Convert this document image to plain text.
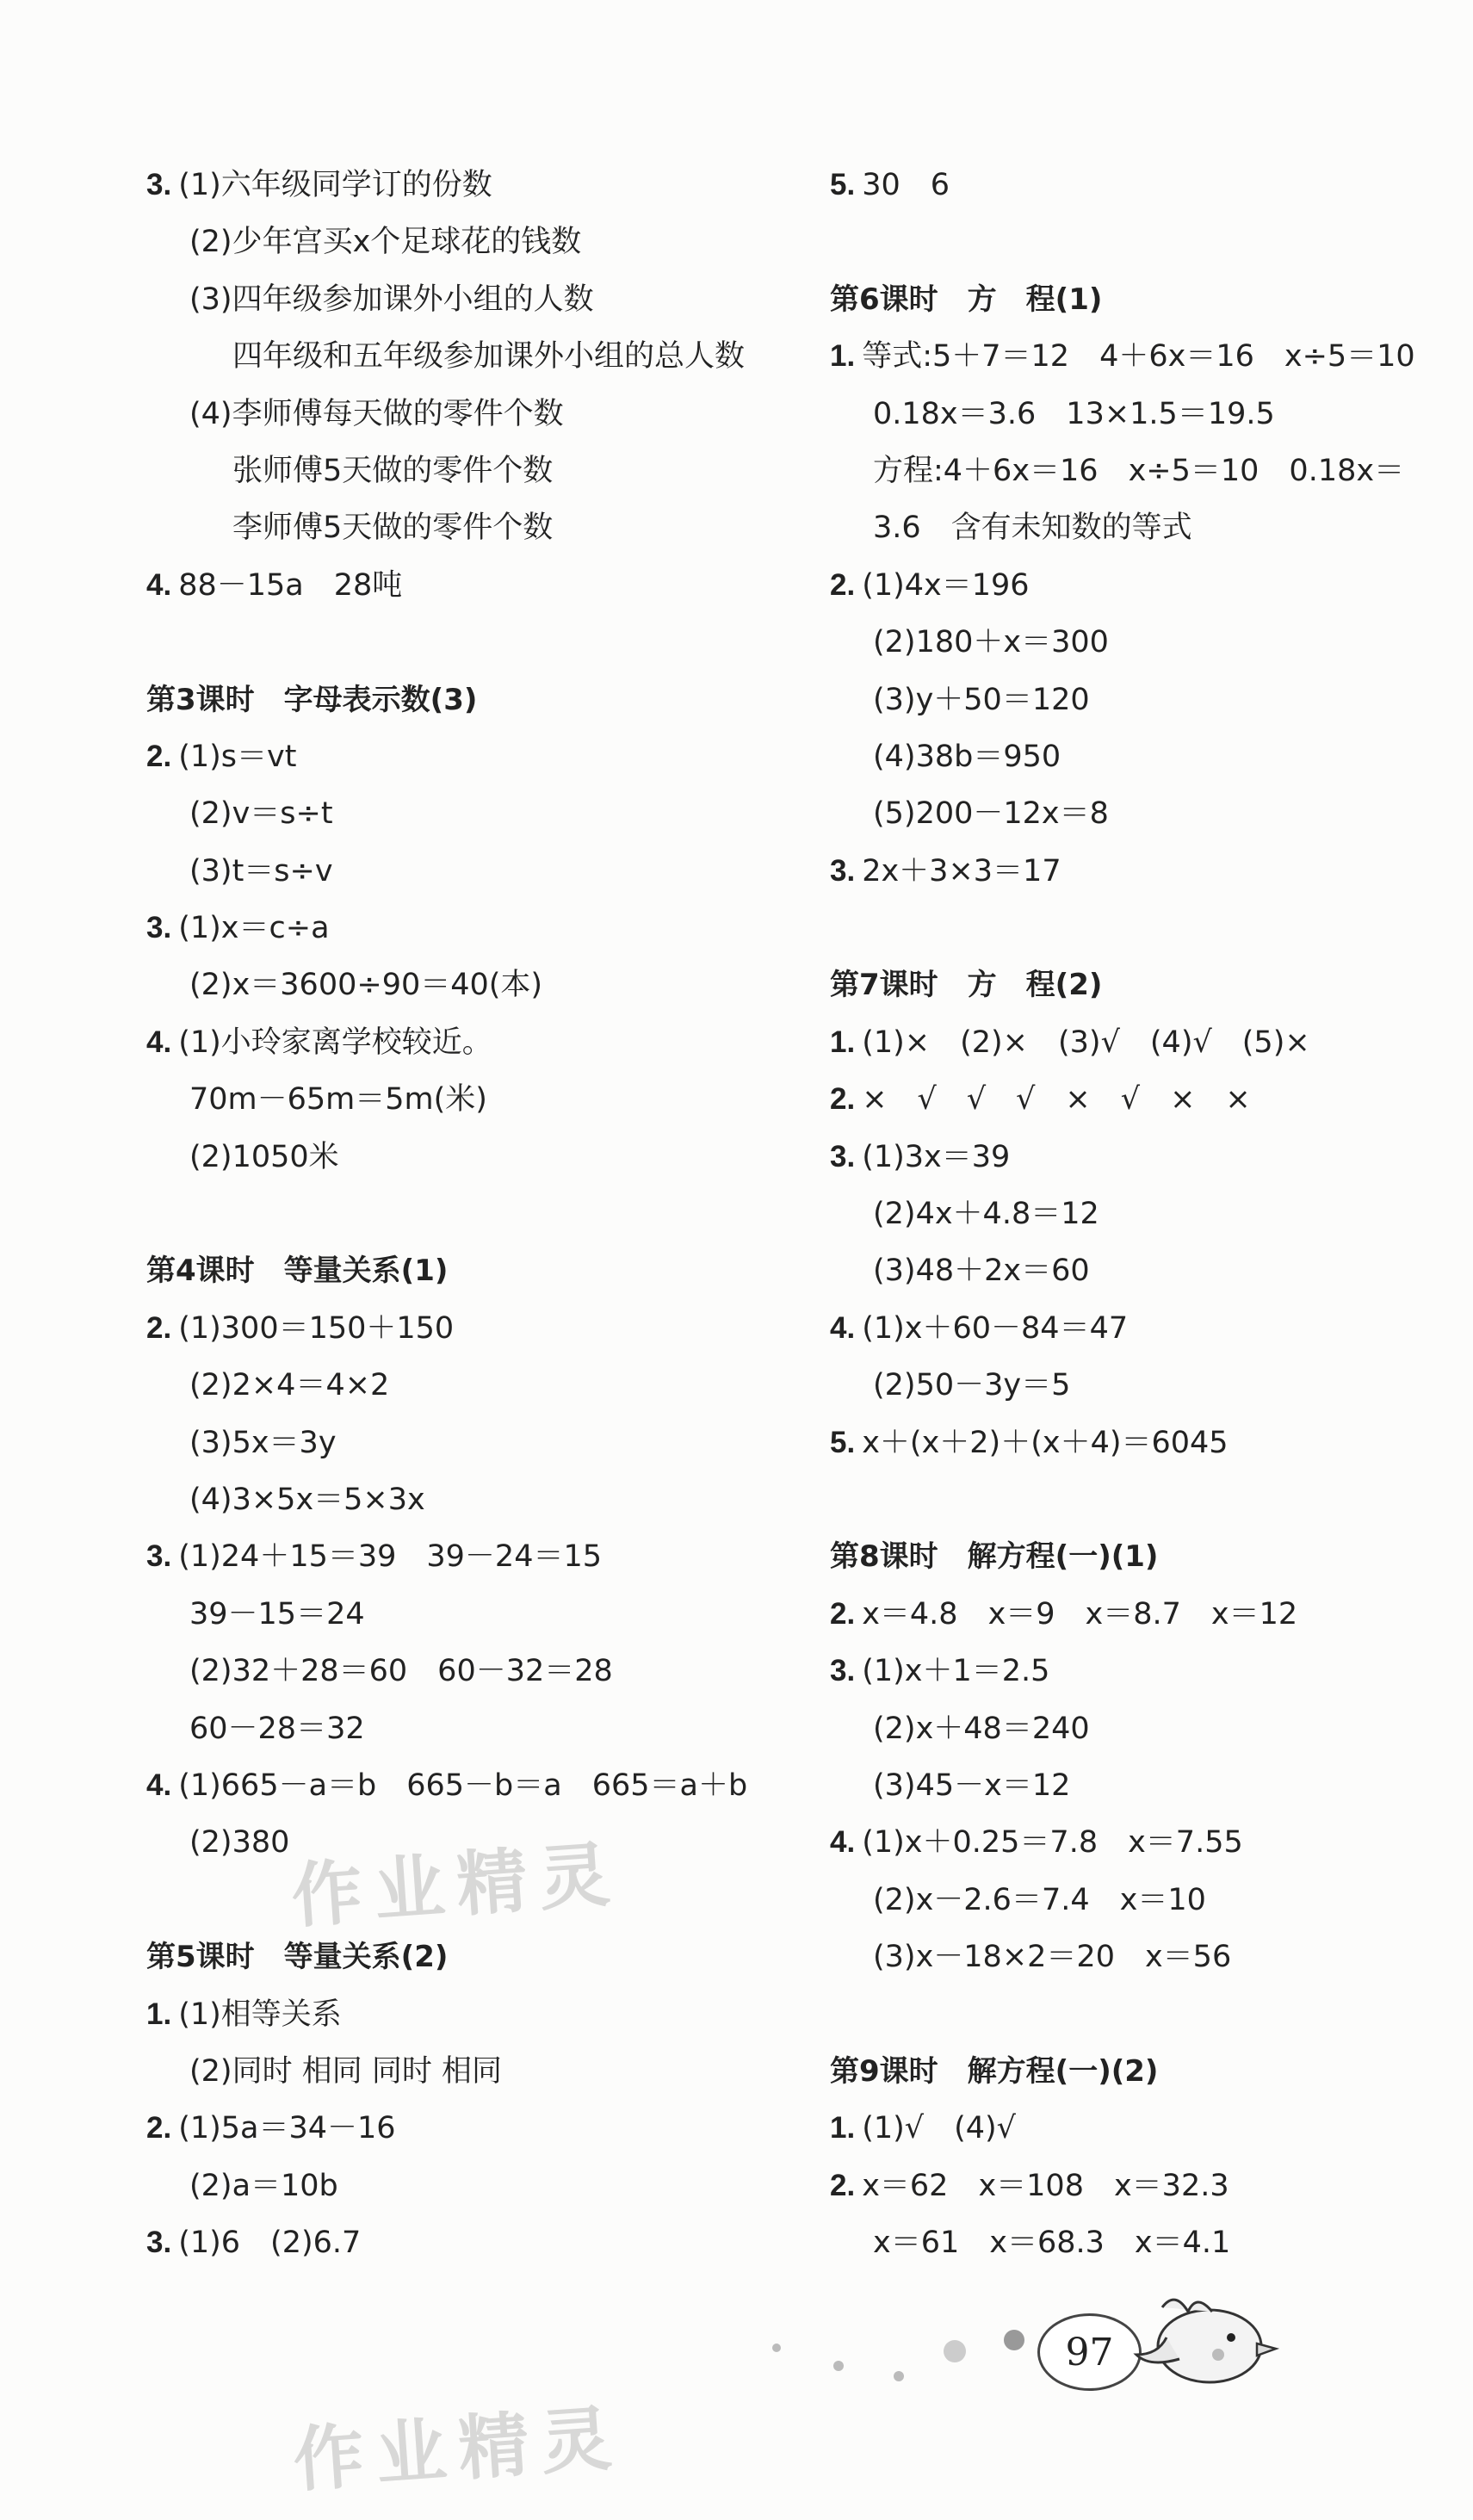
3. (1)六年级同学订的份数
(2)少年宫买x个足球花的钱数
(3)四年级参加课外小组的人数
四年级和五年级参加课外小组的总人数
(4)李师傅每天做的零件个数
张师傅5天做的零件个数
李师傅5天做的零件个数
4. 88－15a　28吨
第3课时　字母表示数(3)
2. (1)s＝vt
(2)v＝s÷t
(3)t＝s÷v
3. (1)x＝c÷a
(2)x＝3600÷90＝40(本)
4. (1)小玲家离学校较近。
70m－65m＝5m(米)
(2)1050米
第4课时　等量关系(1)
2. (1)300＝150＋150
(2)2×4＝4×2
(3)5x＝3y
(4)3×5x＝5×3x
3. (1)24＋15＝39　39－24＝15
39－15＝24
(2)32＋28＝60　60－32＝28
60－28＝32
4. (1)665－a＝b　665－b＝a　665＝a＋b
(2)380
第5课时　等量关系(2)
1. (1)相等关系
(2)同时 相同 同时 相同
2. (1)5a＝34－16
(2)a＝10b
3. (1)6　(2)6.7
5. 30　6
第6课时　方　程(1)
1. 等式:5＋7＝12　4＋6x＝16　x÷5＝10
0.18x＝3.6　13×1.5＝19.5
方程:4＋6x＝16　x÷5＝10　0.18x＝
3.6　含有未知数的等式
2. (1)4x＝196
(2)180＋x＝300
(3)y＋50＝120
(4)38b＝950
(5)200－12x＝8
3. 2x＋3×3＝17
第7课时　方　程(2)
1. (1)×　(2)×　(3)√　(4)√　(5)×
2. ×　√　√　√　×　√　×　×
3. (1)3x＝39
(2)4x＋4.8＝12
(3)48＋2x＝60
4. (1)x＋60－84＝47
(2)50－3y＝5
5. x＋(x＋2)＋(x＋4)＝6045
第8课时　解方程(一)(1)
2. x＝4.8　x＝9　x＝8.7　x＝12
3. (1)x＋1＝2.5
(2)x＋48＝240
(3)45－x＝12
4. (1)x＋0.25＝7.8　x＝7.55
(2)x－2.6＝7.4　x＝10
(3)x－18×2＝20　x＝56
第9课时　解方程(一)(2)
1. (1)√　(4)√
2. x＝62　x＝108　x＝32.3
x＝61　x＝68.3　x＝4.1
作业精灵
作业精灵
97
